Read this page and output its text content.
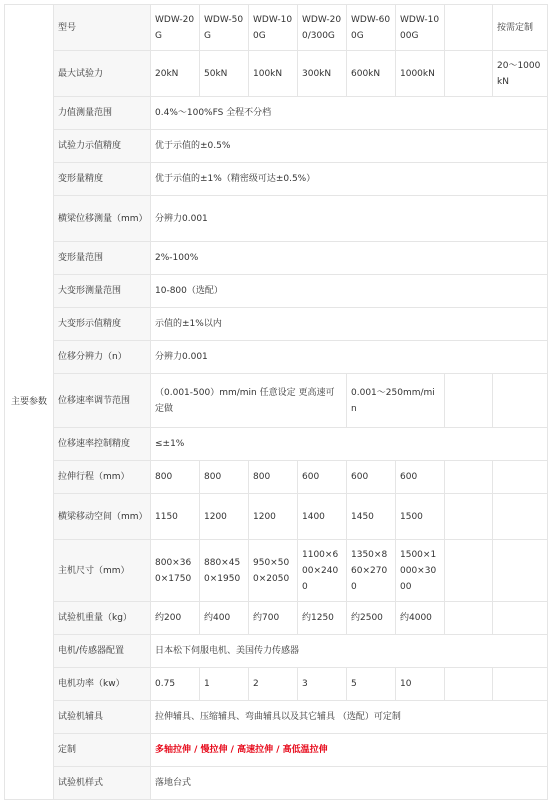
主要参数	型号	WDW-20G	WDW-50G	WDW-100G	WDW-200/300G	WDW-600G	WDW-1000G		按需定制
	最大试验力	20kN	50kN	100kN	300kN	600kN	1000kN		20～1000kN
	力值测量范围	0.4%～100%FS 全程不分档							
	试验力示值精度	优于示值的±0.5%							
	变形量精度	优于示值的±1%（精密级可达±0.5%）							
	横梁位移测量（mm）	分辨力0.001							
	变形量范围	2%-100%							
	大变形测量范围	10-800（选配）							
	大变形示值精度	示值的±1%以内							
	位移分辨力（n）	分辨力0.001							
	位移速率调节范围	（0.001-500）mm/min 任意设定 更高速可定做				0.001～250mm/min			
	位移速率控制精度	≤±1%							
	拉伸行程（mm）	800	800	800	600	600	600		
	横梁移动空间（mm）	1150	1200	1200	1400	1450	1500		
	主机尺寸（mm）	800×360×1750	880×450×1950	950×500×2050	1100×600×2400	1350×860×2700	1500×1000×3000		
	试验机重量（kg）	约200	约400	约700	约1250	约2500	约4000		
	电机/传感器配置	日本松下伺服电机、美国传力传感器							
	电机功率（kw）	0.75	1	2	3	5	10		
	试验机辅具	拉伸辅具、压缩辅具、弯曲辅具以及其它辅具 （选配）可定制							
	定制	多轴拉伸 / 慢拉伸 / 高速拉伸 / 高低温拉伸							
	试验机样式	落地台式							
